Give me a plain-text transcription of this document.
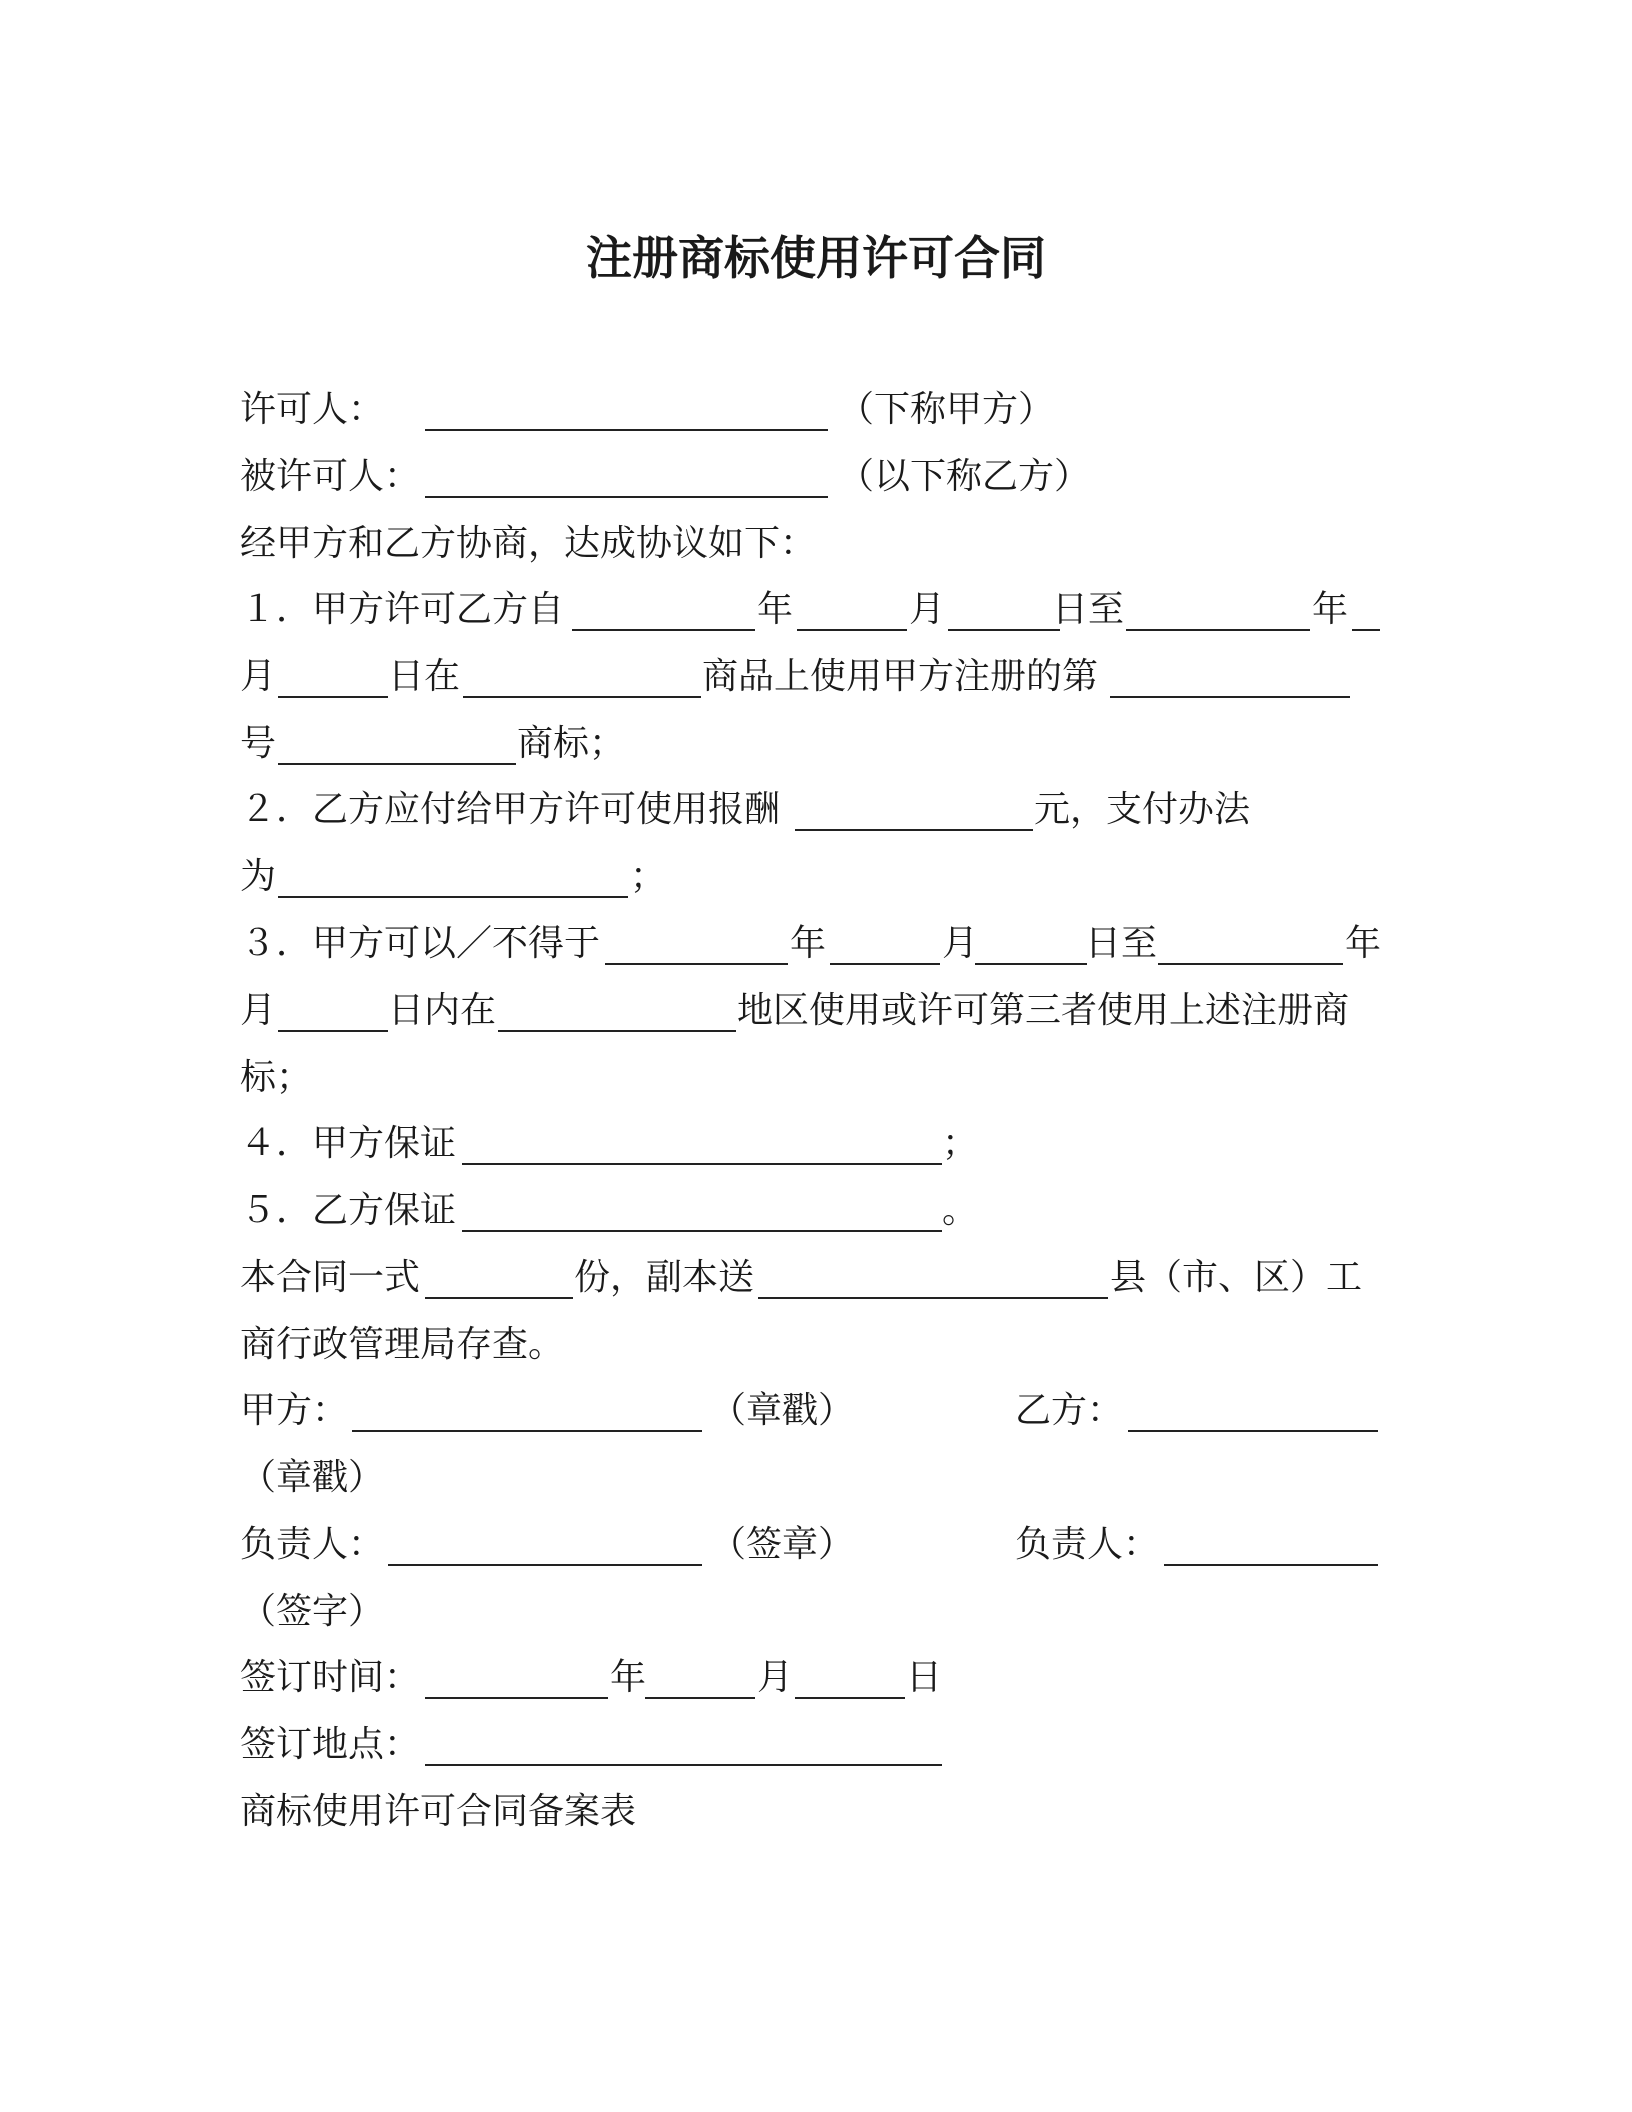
注册商标使用许可合同
许可人：	（下称甲方）
被许可人：	（以下称乙方）
经甲方和乙方协商，达成协议如下：
１．甲方许可乙方自	年	月	日至	年
月	日在	商品上使用甲方注册的第
号	商标；
２．乙方应付给甲方许可使用报酬	元，支付办法
为	；
３．甲方可以／不得于	年	月	日至	年
月	日内在	地区使用或许可第三者使用上述注册商
标；
４．甲方保证	；
５．乙方保证	。
本合同一式	份，副本送	县（市、区）工
商行政管理局存查。
甲方：	（章戳）	乙方：
（章戳）
负责人：	（签章）	负责人：
（签字）
签订时间：	年	月	日
签订地点：
商标使用许可合同备案表
